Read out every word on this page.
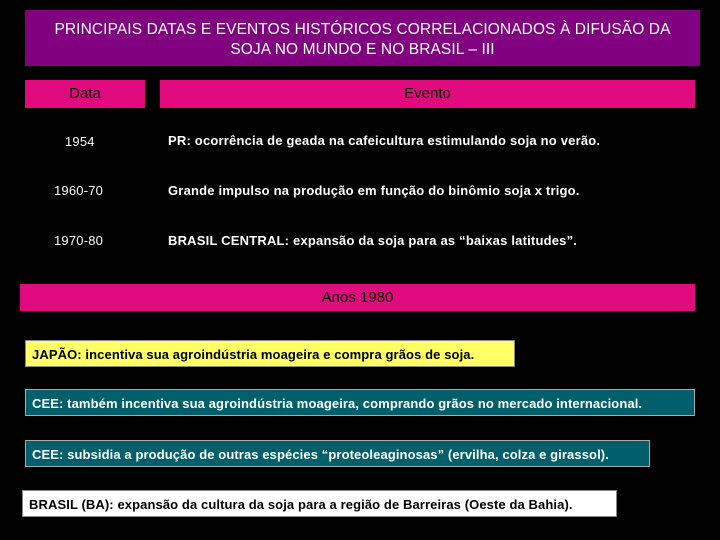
PRINCIPAIS DATAS E EVENTOS HISTÓRICOS CORRELACIONADOS À DIFUSÃO DA
SOJA NO MUNDO E NO BRASIL – III
Data	Evento
1954	PR: ocorrência de geada na cafeicultura estimulando soja no verão.
1960-70	Grande impulso na produção em função do binômio soja x trigo.
1970-80	BRASIL CENTRAL: expansão da soja para as “baixas latitudes”.
Anos 1980
JAPÃO: incentiva sua agroindústria moageira e compra grãos de soja.
CEE: também incentiva sua agroindústria moageira, comprando grãos no mercado internacional.
CEE: subsidia a produção de outras espécies “proteoleaginosas” (ervilha, colza e girassol).
BRASIL (BA): expansão da cultura da soja para a região de Barreiras (Oeste da Bahia).
